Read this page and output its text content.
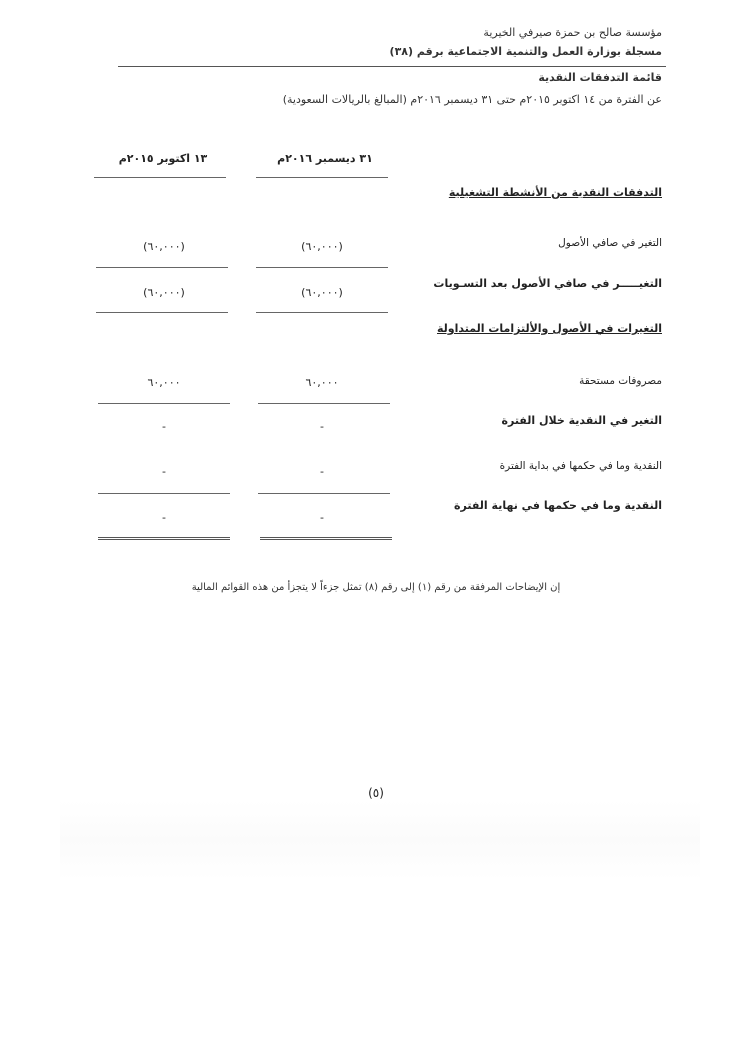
مؤسسة صالح بن حمزة صيرفي الخيرية
مسجلة بوزارة العمل والتنمية الاجتماعية برقم (٣٨)
قائمة التدفقات النقدية
عن الفترة من ١٤ اكتوبر ٢٠١٥م حتى ٣١ ديسمبر ٢٠١٦م (المبالغ بالريالات السعودية)
٣١ ديسمبر ٢٠١٦م
١٣ اكتوبر ٢٠١٥م
التدفقات النقدية من الأنشطة التشغيلية
التغير في صافي الأصول
(٦٠,٠٠٠)
(٦٠,٠٠٠)
التغيـــــر في صافي الأصول بعد التسـويات
(٦٠,٠٠٠)
(٦٠,٠٠٠)
التغيرات في الأصول والألتزامات المتداولة
مصروفات مستحقة
٦٠,٠٠٠
٦٠,٠٠٠
التغير في النقدية خلال الفترة
-
-
النقدية وما في حكمها في بداية الفترة
-
-
النقدية وما في حكمها في نهاية الفترة
-
-
إن الإيضاحات المرفقة من رقم (١) إلى رقم (٨) تمثل جزءاً لا يتجزأ من هذه القوائم المالية
(٥)
